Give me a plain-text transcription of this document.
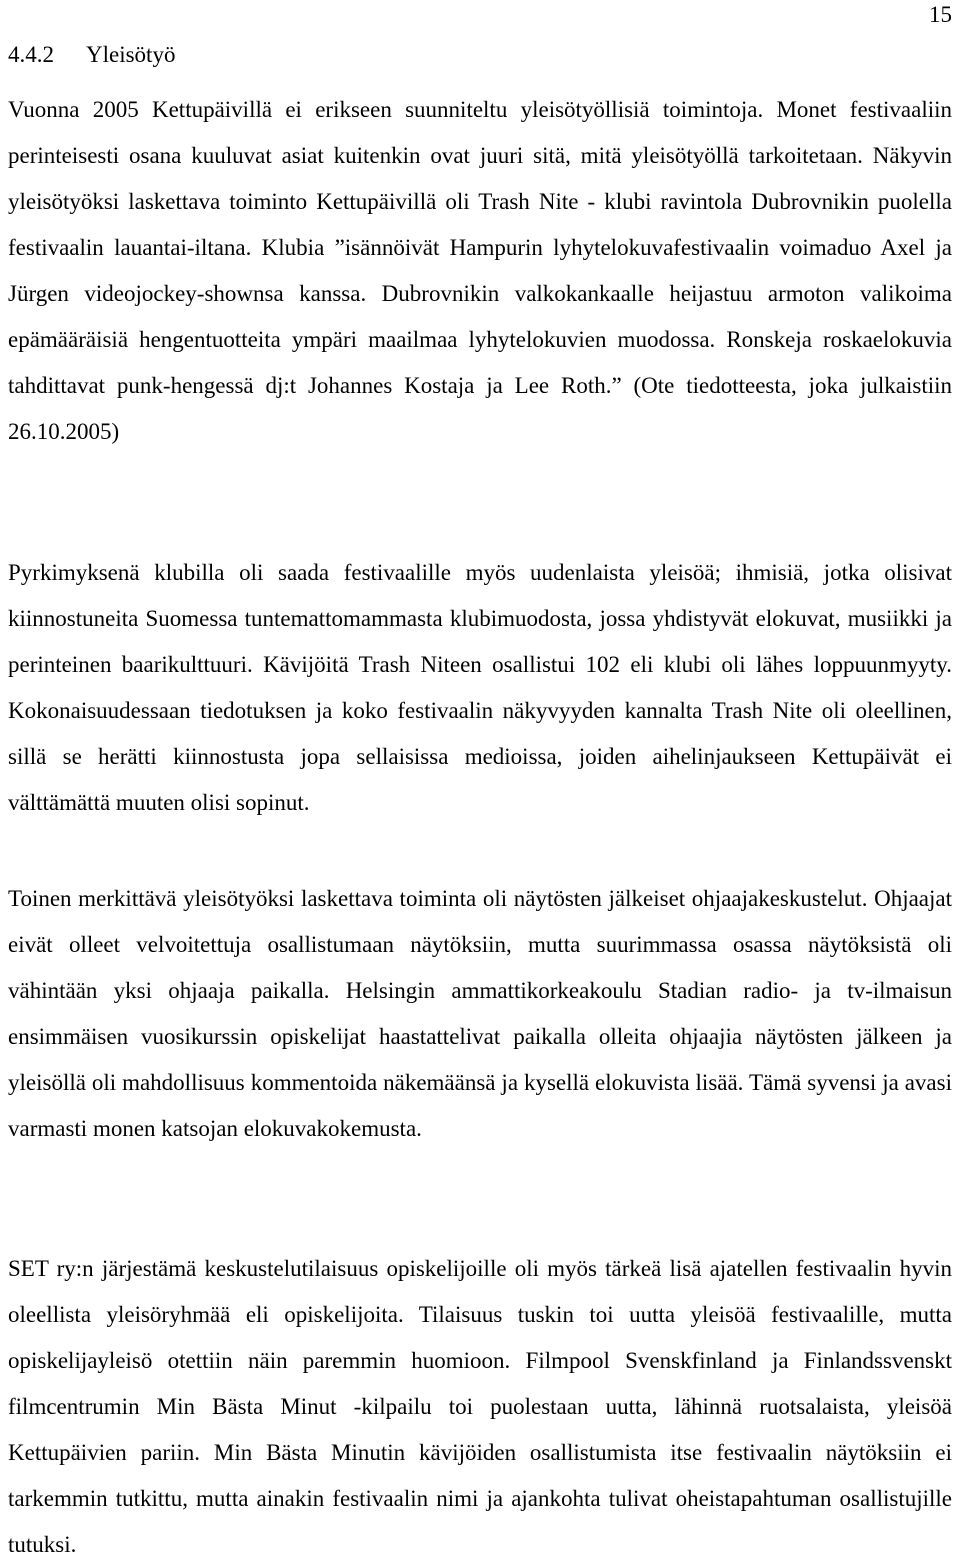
15
4.4.2 Yleisötyö

Vuonna 2005 Kettupäivillä ei erikseen suunniteltu yleisötyöllisiä toimintoja. Monet festivaaliin perinteisesti osana kuuluvat asiat kuitenkin ovat juuri sitä, mitä yleisötyöllä tarkoitetaan. Näkyvin yleisötyöksi laskettava toiminto Kettupäivillä oli Trash Nite - klubi ravintola Dubrovnikin puolella festivaalin lauantai-iltana. Klubia ”isännöivät Hampurin lyhytelokuvafestivaalin voimaduo Axel ja Jürgen videojockey-shownsa kanssa. Dubrovnikin valkokankaalle heijastuu armoton valikoima epämääräisiä hengentuotteita ympäri maailmaa lyhytelokuvien muodossa. Ronskeja roskaelokuvia tahdittavat punk-hengessä dj:t Johannes Kostaja ja Lee Roth.” (Ote tiedotteesta, joka julkaistiin 26.10.2005)

Pyrkimyksenä klubilla oli saada festivaalille myös uudenlaista yleisöä; ihmisiä, jotka olisivat kiinnostuneita Suomessa tuntemattomammasta klubimuodosta, jossa yhdistyvät elokuvat, musiikki ja perinteinen baarikulttuuri. Kävijöitä Trash Niteen osallistui 102 eli klubi oli lähes loppuunmyyty. Kokonaisuudessaan tiedotuksen ja koko festivaalin näkyvyyden kannalta Trash Nite oli oleellinen, sillä se herätti kiinnostusta jopa sellaisissa medioissa, joiden aihelinjaukseen Kettupäivät ei välttämättä muuten olisi sopinut.

Toinen merkittävä yleisötyöksi laskettava toiminta oli näytösten jälkeiset ohjaajakeskustelut. Ohjaajat eivät olleet velvoitettuja osallistumaan näytöksiin, mutta suurimmassa osassa näytöksistä oli vähintään yksi ohjaaja paikalla. Helsingin ammattikorkeakoulu Stadian radio- ja tv-ilmaisun ensimmäisen vuosikurssin opiskelijat haastattelivat paikalla olleita ohjaajia näytösten jälkeen ja yleisöllä oli mahdollisuus kommentoida näkemäänsä ja kysellä elokuvista lisää. Tämä syvensi ja avasi varmasti monen katsojan elokuvakokemusta.

SET ry:n järjestämä keskustelutilaisuus opiskelijoille oli myös tärkeä lisä ajatellen festivaalin hyvin oleellista yleisöryhmää eli opiskelijoita. Tilaisuus tuskin toi uutta yleisöä festivaalille, mutta opiskelijayleisö otettiin näin paremmin huomioon. Filmpool Svenskfinland ja Finlandssvenskt filmcentrumin Min Bästa Minut -kilpailu toi puolestaan uutta, lähinnä ruotsalaista, yleisöä Kettupäivien pariin. Min Bästa Minutin kävijöiden osallistumista itse festivaalin näytöksiin ei tarkemmin tutkittu, mutta ainakin festivaalin nimi ja ajankohta tulivat oheistapahtuman osallistujille tutuksi.
